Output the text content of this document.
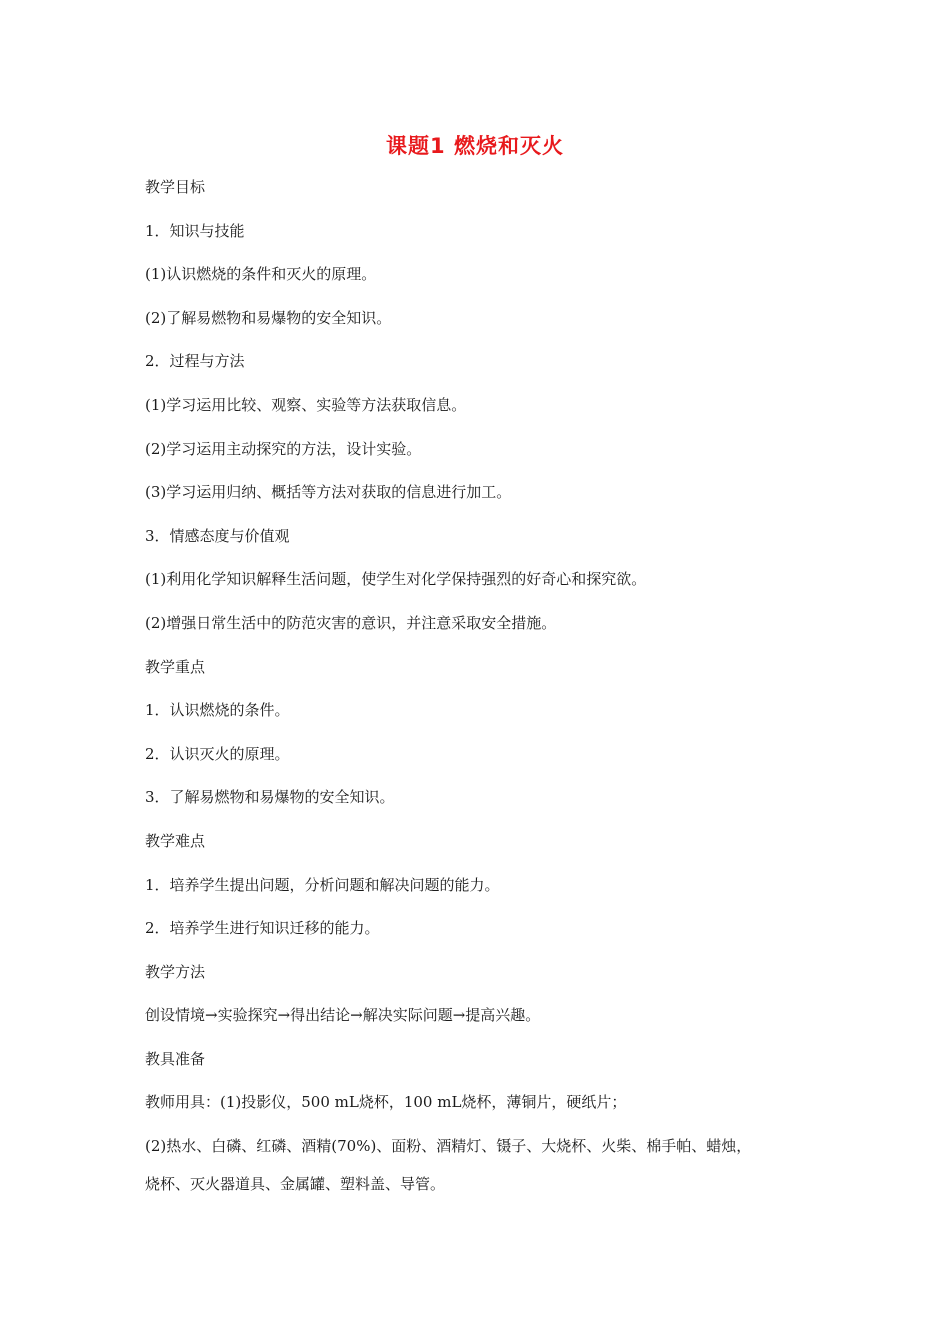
课题1 燃烧和灭火
教学目标
1．知识与技能
(1)认识燃烧的条件和灭火的原理。
(2)了解易燃物和易爆物的安全知识。
2．过程与方法
(1)学习运用比较、观察、实验等方法获取信息。
(2)学习运用主动探究的方法，设计实验。
(3)学习运用归纳、概括等方法对获取的信息进行加工。
3．情感态度与价值观
(1)利用化学知识解释生活问题，使学生对化学保持强烈的好奇心和探究欲。
(2)增强日常生活中的防范灾害的意识，并注意采取安全措施。
教学重点
1．认识燃烧的条件。
2．认识灭火的原理。
3．了解易燃物和易爆物的安全知识。
教学难点
1．培养学生提出问题，分析问题和解决问题的能力。
2．培养学生进行知识迁移的能力。
教学方法
创设情境→实验探究→得出结论→解决实际问题→提高兴趣。
教具准备
教师用具：(1)投影仪，500 mL烧杯，100 mL烧杯，薄铜片，硬纸片；
(2)热水、白磷、红磷、酒精(70%)、面粉、酒精灯、镊子、大烧杯、火柴、棉手帕、蜡烛，
烧杯、灭火器道具、金属罐、塑料盖、导管。
